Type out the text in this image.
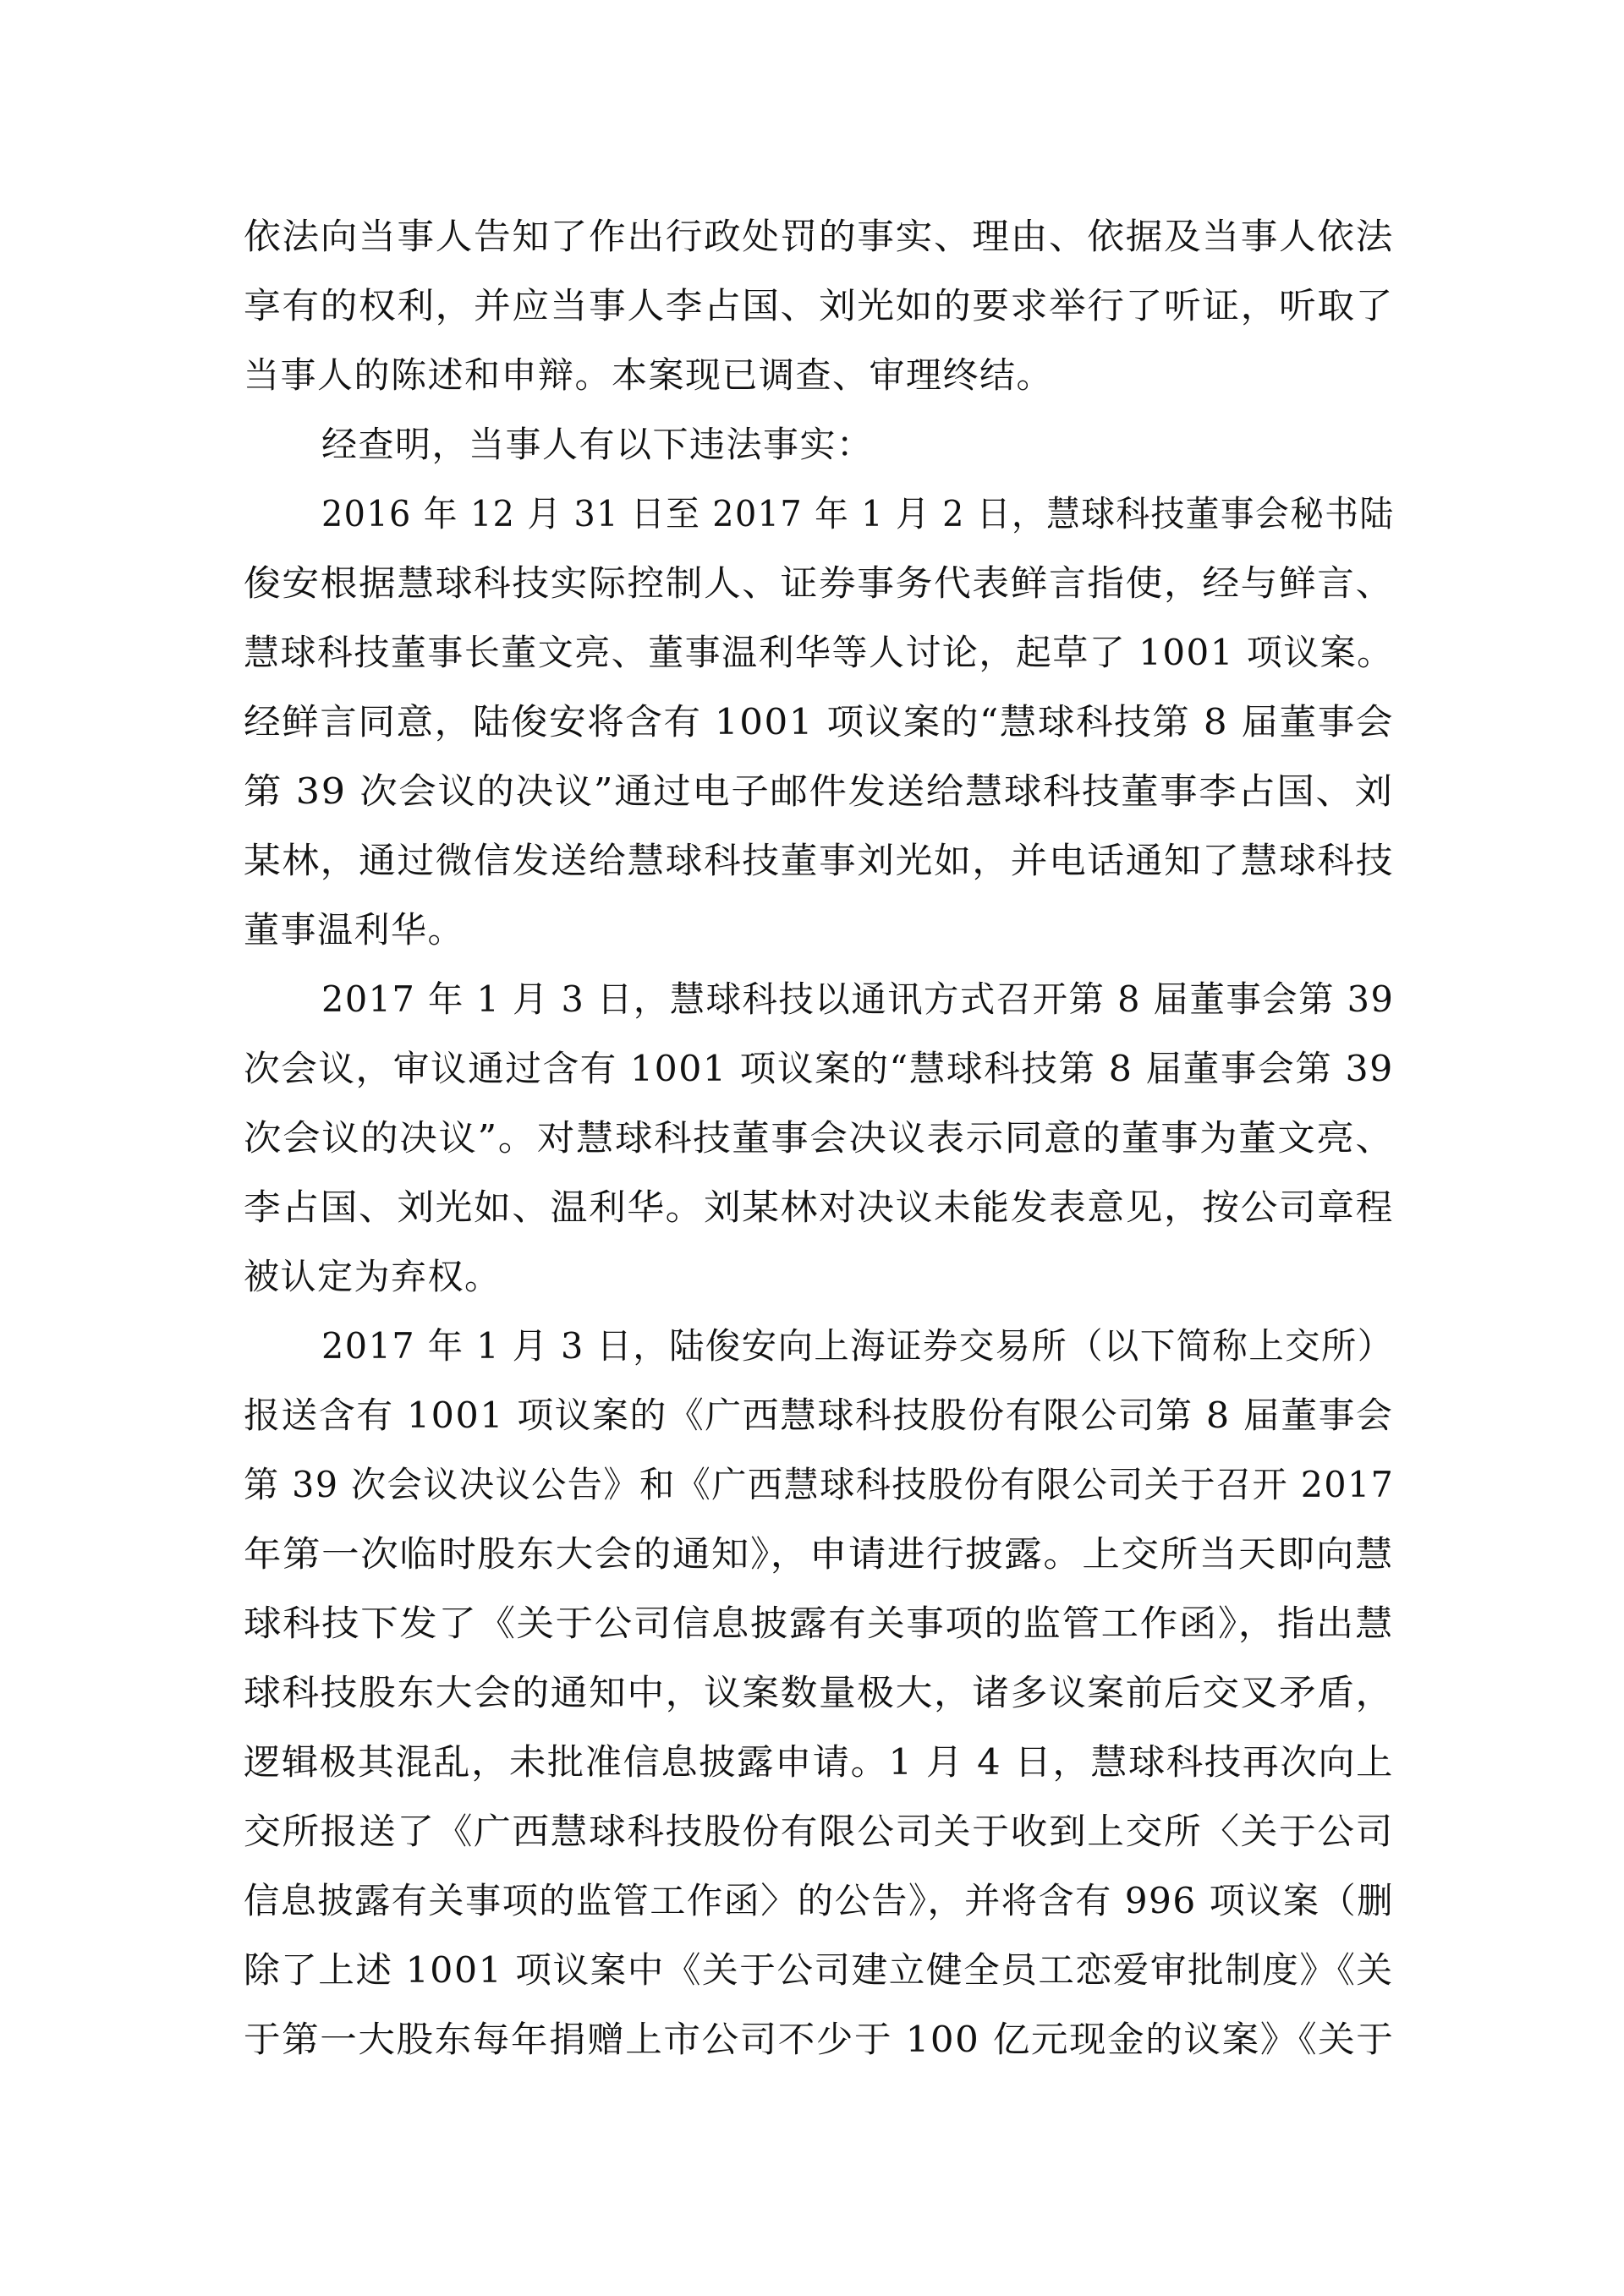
依法向当事人告知了作出行政处罚的事实、理由、依据及当事人依法
享有的权利，并应当事人李占国、刘光如的要求举行了听证，听取了
当事人的陈述和申辩。本案现已调查、审理终结。
经查明，当事人有以下违法事实：
2016 年 12 月 31 日至 2017 年 1 月 2 日，慧球科技董事会秘书陆
俊安根据慧球科技实际控制人、证券事务代表鲜言指使，经与鲜言、
慧球科技董事长董文亮、董事温利华等人讨论，起草了 1001 项议案。
经鲜言同意，陆俊安将含有 1001 项议案的“慧球科技第 8 届董事会
第 39 次会议的决议”通过电子邮件发送给慧球科技董事李占国、刘
某林，通过微信发送给慧球科技董事刘光如，并电话通知了慧球科技
董事温利华。
2017 年 1 月 3 日，慧球科技以通讯方式召开第 8 届董事会第 39
次会议，审议通过含有 1001 项议案的“慧球科技第 8 届董事会第 39
次会议的决议”。对慧球科技董事会决议表示同意的董事为董文亮、
李占国、刘光如、温利华。刘某林对决议未能发表意见，按公司章程
被认定为弃权。
2017 年 1 月 3 日，陆俊安向上海证券交易所（以下简称上交所）
报送含有 1001 项议案的《广西慧球科技股份有限公司第 8 届董事会
第 39 次会议决议公告》和《广西慧球科技股份有限公司关于召开 2017
年第一次临时股东大会的通知》，申请进行披露。上交所当天即向慧
球科技下发了《关于公司信息披露有关事项的监管工作函》，指出慧
球科技股东大会的通知中，议案数量极大，诸多议案前后交叉矛盾，
逻辑极其混乱，未批准信息披露申请。1 月 4 日，慧球科技再次向上
交所报送了《广西慧球科技股份有限公司关于收到上交所〈关于公司
信息披露有关事项的监管工作函〉的公告》，并将含有 996 项议案（删
除了上述 1001 项议案中《关于公司建立健全员工恋爱审批制度》《关
于第一大股东每年捐赠上市公司不少于 100 亿元现金的议案》《关于
